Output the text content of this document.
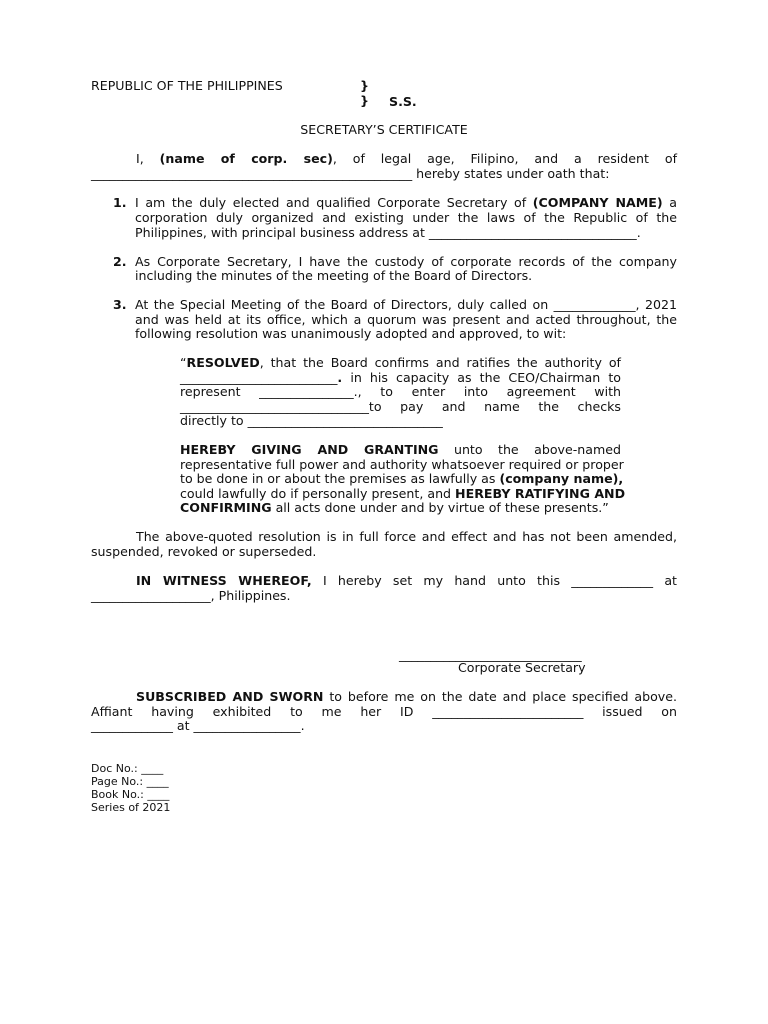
REPUBLIC OF THE PHILIPPINES	}
} S.S.
SECRETARY’S CERTIFICATE
I, (name of corp. sec), of legal age, Filipino, and a resident of
___________________________________________________ hereby states under oath that:
1. I am the duly elected and qualified Corporate Secretary of (COMPANY NAME) a
corporation duly organized and existing under the laws of the Republic of the
Philippines, with principal business address at _________________________________.
2. As Corporate Secretary, I have the custody of corporate records of the company
including the minutes of the meeting of the Board of Directors.
3. At the Special Meeting of the Board of Directors, duly called on _____________, 2021
and was held at its office, which a quorum was present and acted throughout, the
following resolution was unanimously adopted and approved, to wit:
“RESOLVED, that the Board confirms and ratifies the authority of
_________________________. in his capacity as the CEO/Chairman to
represent _______________., to enter into agreement with
______________________________to pay and name the checks
directly to _______________________________
HEREBY GIVING AND GRANTING unto the above-named
representative full power and authority whatsoever required or proper
to be done in or about the premises as lawfully as (company name),
could lawfully do if personally present, and HEREBY RATIFYING AND
CONFIRMING all acts done under and by virtue of these presents.”
The above-quoted resolution is in full force and effect and has not been amended,
suspended, revoked or superseded.
IN WITNESS WHEREOF, I hereby set my hand unto this _____________ at
___________________, Philippines.
_____________________________
Corporate Secretary
SUBSCRIBED AND SWORN to before me on the date and place specified above.
Affiant having exhibited to me her ID ________________________ issued on
_____________ at _________________.
Doc No.: ____
Page No.: ____
Book No.: ____
Series of 2021
